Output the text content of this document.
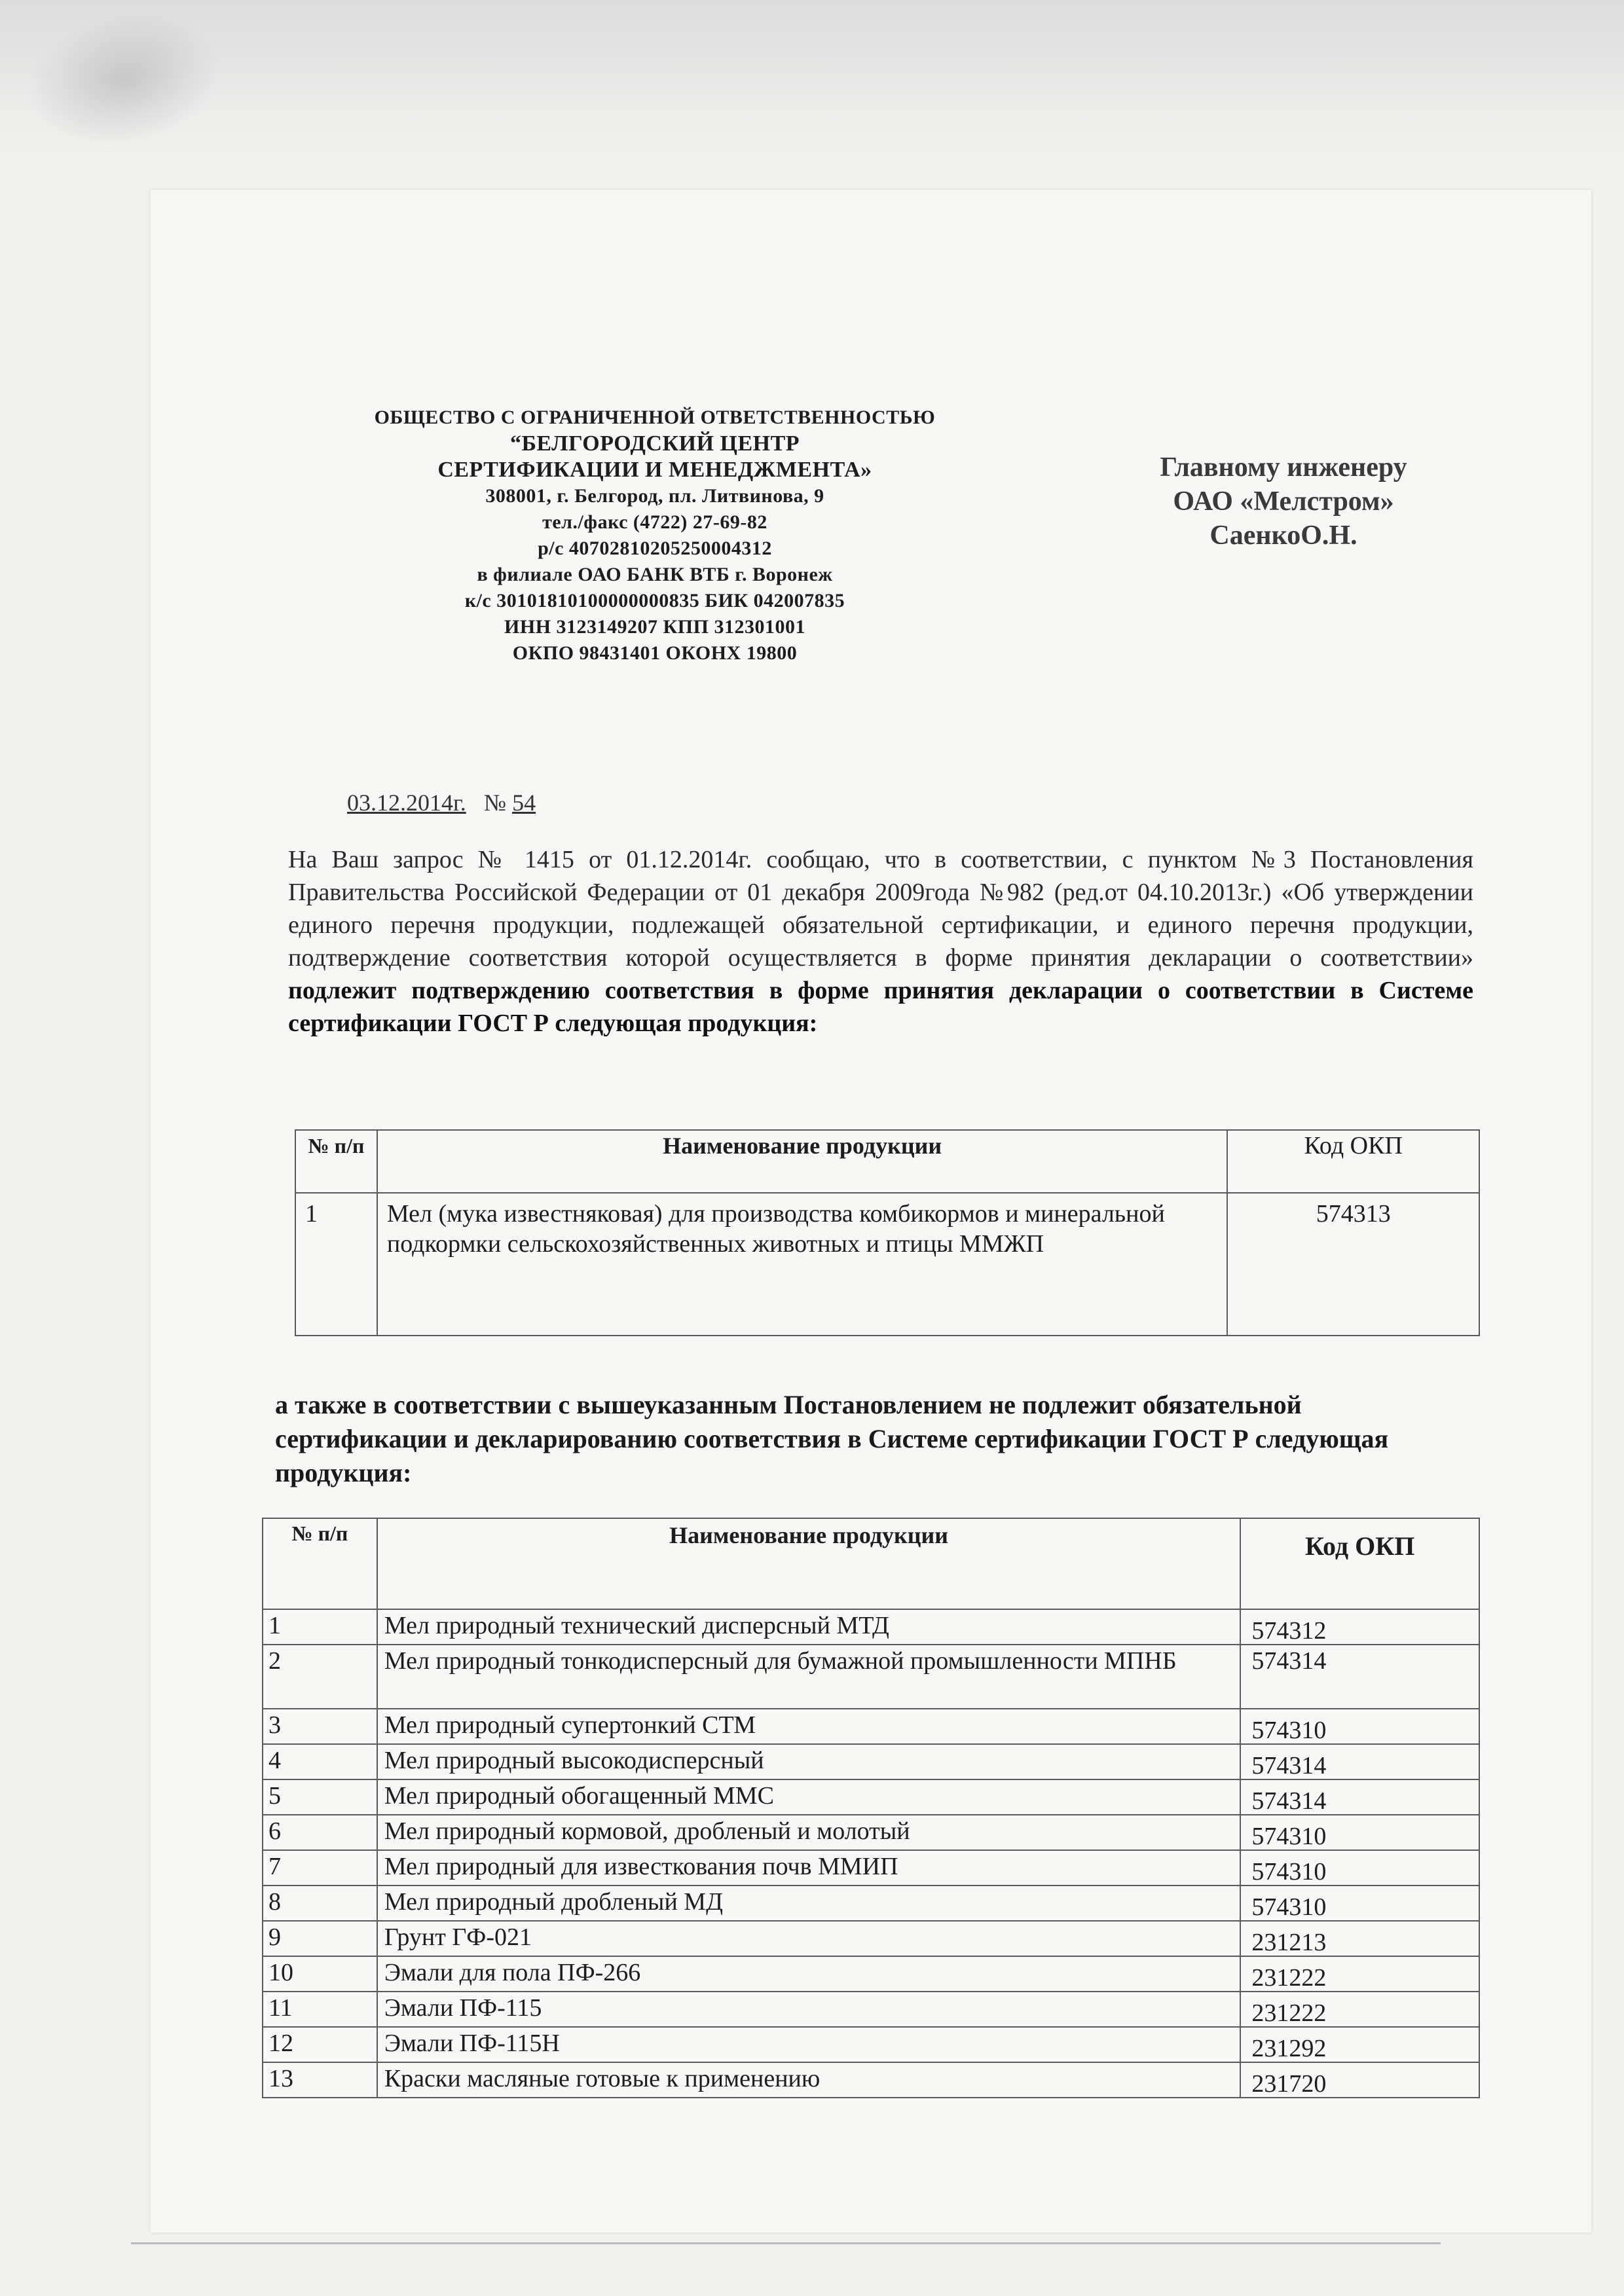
ОБЩЕСТВО С ОГРАНИЧЕННОЙ ОТВЕТСТВЕННОСТЬЮ
“БЕЛГОРОДСКИЙ ЦЕНТР
СЕРТИФИКАЦИИ И МЕНЕДЖМЕНТА»
308001, г. Белгород, пл. Литвинова, 9
тел./факс (4722) 27-69-82
р/с 40702810205250004312
в филиале ОАО БАНК ВТБ г. Воронеж
к/с 30101810100000000835 БИК 042007835
ИНН 3123149207 КПП 312301001
ОКПО 98431401 ОКОНХ 19800
Главному инженеру
ОАО «Мелстром»
СаенкоО.Н.
03.12.2014г. № 54
На Ваш запрос № 1415 от 01.12.2014г. сообщаю, что в соответствии, с пунктом №3 Постановления Правительства Российской Федерации от 01 декабря 2009года №982 (ред.от 04.10.2013г.) «Об утверждении единого перечня продукции, подлежащей обязательной сертификации, и единого перечня продукции, подтверждение соответствия которой осуществляется в форме принятия декларации о соответствии» подлежит подтверждению соответствия в форме принятия декларации о соответствии в Системе сертификации ГОСТ Р следующая продукция:
№ п/п	Наименование продукции	Код ОКП
1	Мел (мука известняковая) для производства комбикормов и минеральной подкормки сельскохозяйственных животных и птицы ММЖП	574313
а также в соответствии с вышеуказанным Постановлением не подлежит обязательной сертификации и декларированию соответствия в Системе сертификации ГОСТ Р следующая продукция:
№ п/п	Наименование продукции	Код ОКП
1	Мел природный технический дисперсный МТД	574312
2	Мел природный тонкодисперсный для бумажной промышленности МПНБ	574314
3	Мел природный супертонкий СТМ	574310
4	Мел природный высокодисперсный	574314
5	Мел природный обогащенный ММС	574314
6	Мел природный кормовой, дробленый и молотый	574310
7	Мел природный для известкования почв ММИП	574310
8	Мел природный дробленый МД	574310
9	Грунт ГФ-021	231213
10	Эмали для пола ПФ-266	231222
11	Эмали ПФ-115	231222
12	Эмали ПФ-115Н	231292
13	Краски масляные готовые к применению	231720
